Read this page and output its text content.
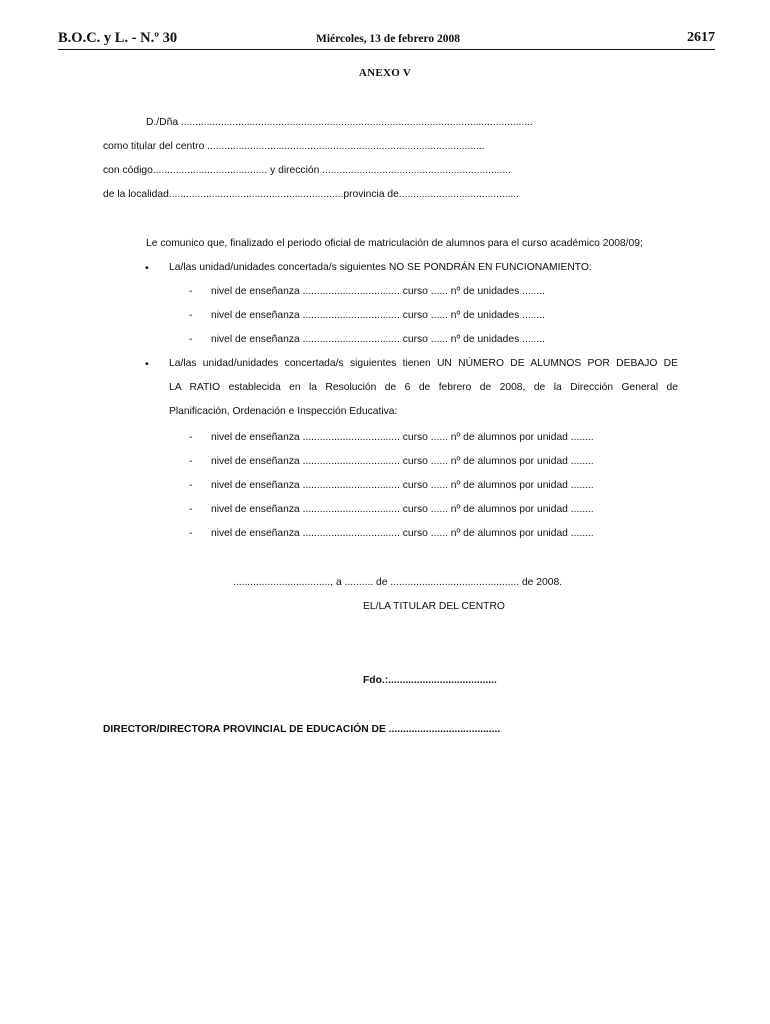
B.O.C. y L. - N.º 30	Miércoles, 13 de febrero 2008	2617
ANEXO V
D./Dña ...........................................................................................................................
como titular del centro .................................................................................................
con código........................................ y dirección ..................................................................
de la localidad.............................................................provincia de..........................................
Le comunico que, finalizado el periodo oficial de matriculación de alumnos para el curso académico 2008/09;
• La/las unidad/unidades concertada/s siguientes NO SE PONDRÁN EN FUNCIONAMIENTO:
- nivel de enseñanza .................................. curso ...... nº de unidades ........
- nivel de enseñanza .................................. curso ...... nº de unidades ........
- nivel de enseñanza .................................. curso ...... nº de unidades ........
• La/las unidad/unidades concertada/s siguientes tienen UN NÚMERO DE ALUMNOS POR DEBAJO DE
LA RATIO establecida en la Resolución de 6 de febrero de 2008, de la Dirección General de
Planificación, Ordenación e Inspección Educativa:
- nivel de enseñanza .................................. curso ...... nº de alumnos por unidad ........
- nivel de enseñanza .................................. curso ...... nº de alumnos por unidad ........
- nivel de enseñanza .................................. curso ...... nº de alumnos por unidad ........
- nivel de enseñanza .................................. curso ...... nº de alumnos por unidad ........
- nivel de enseñanza .................................. curso ...... nº de alumnos por unidad ........
.................................., a .......... de ............................................. de 2008.
EL/LA TITULAR DEL CENTRO
Fdo.:......................................
DIRECTOR/DIRECTORA PROVINCIAL DE EDUCACIÓN DE .......................................
